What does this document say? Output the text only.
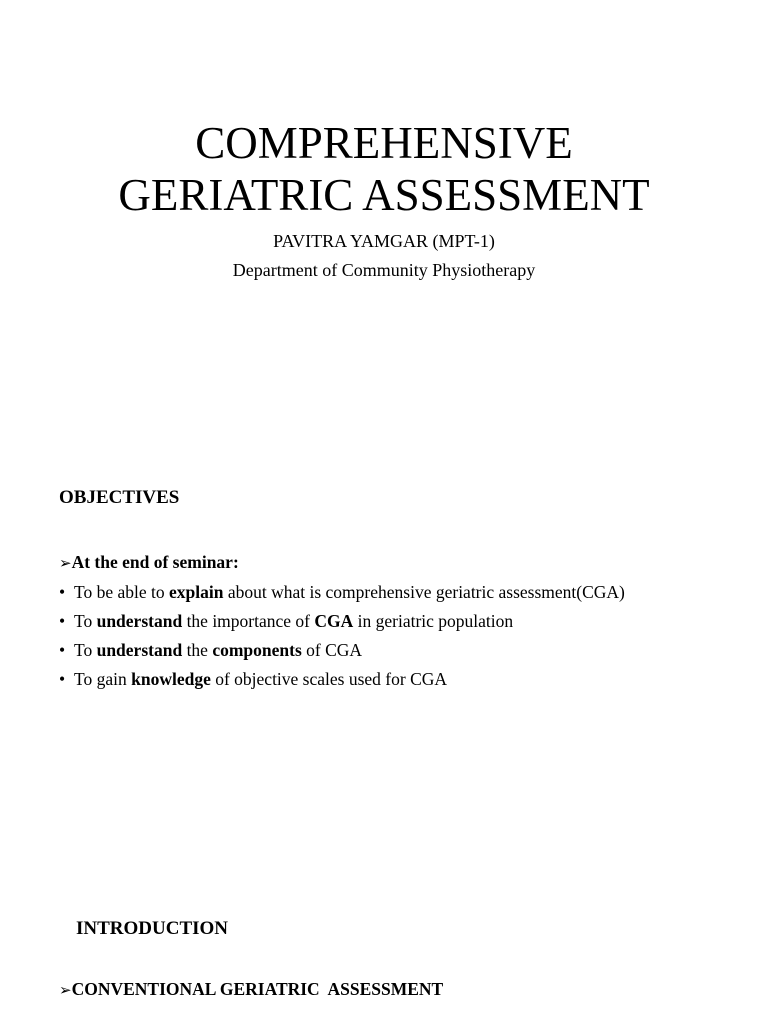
COMPREHENSIVE
GERIATRIC ASSESSMENT
PAVITRA YAMGAR (MPT-1)
Department of Community Physiotherapy
OBJECTIVES
➢At the end of seminar:
• To be able to explain about what is comprehensive geriatric assessment(CGA)
• To understand the importance of CGA in geriatric population
• To understand the components of CGA
• To gain knowledge of objective scales used for CGA
INTRODUCTION
➢CONVENTIONAL GERIATRIC  ASSESSMENT
